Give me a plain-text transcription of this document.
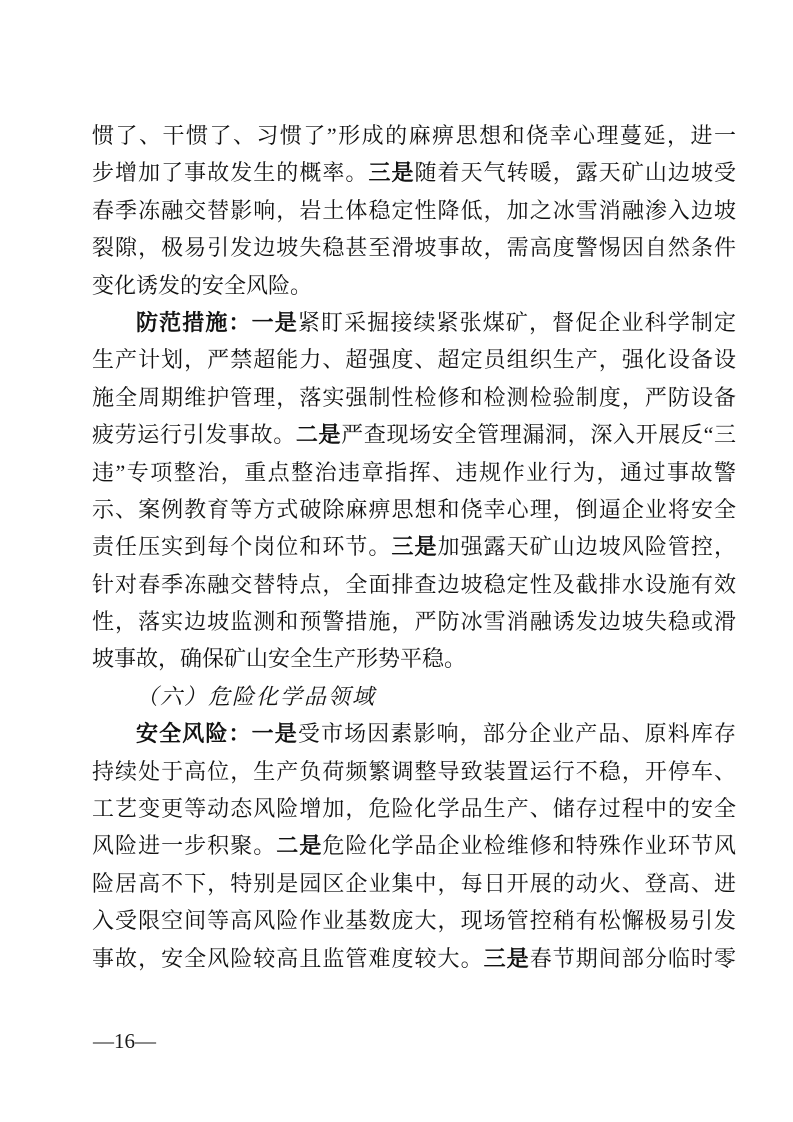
惯了、干惯了、习惯了”形成的麻痹思想和侥幸心理蔓延，进一
步增加了事故发生的概率。三是随着天气转暖，露天矿山边坡受
春季冻融交替影响，岩土体稳定性降低，加之冰雪消融渗入边坡
裂隙，极易引发边坡失稳甚至滑坡事故，需高度警惕因自然条件
变化诱发的安全风险。
防范措施：一是紧盯采掘接续紧张煤矿，督促企业科学制定
生产计划，严禁超能力、超强度、超定员组织生产，强化设备设
施全周期维护管理，落实强制性检修和检测检验制度，严防设备
疲劳运行引发事故。二是严查现场安全管理漏洞，深入开展反“三
违”专项整治，重点整治违章指挥、违规作业行为，通过事故警
示、案例教育等方式破除麻痹思想和侥幸心理，倒逼企业将安全
责任压实到每个岗位和环节。三是加强露天矿山边坡风险管控，
针对春季冻融交替特点，全面排查边坡稳定性及截排水设施有效
性，落实边坡监测和预警措施，严防冰雪消融诱发边坡失稳或滑
坡事故，确保矿山安全生产形势平稳。
（六）危险化学品领域
安全风险：一是受市场因素影响，部分企业产品、原料库存
持续处于高位，生产负荷频繁调整导致装置运行不稳，开停车、
工艺变更等动态风险增加，危险化学品生产、储存过程中的安全
风险进一步积聚。二是危险化学品企业检维修和特殊作业环节风
险居高不下，特别是园区企业集中，每日开展的动火、登高、进
入受限空间等高风险作业基数庞大，现场管控稍有松懈极易引发
事故，安全风险较高且监管难度较大。三是春节期间部分临时零
—16—
